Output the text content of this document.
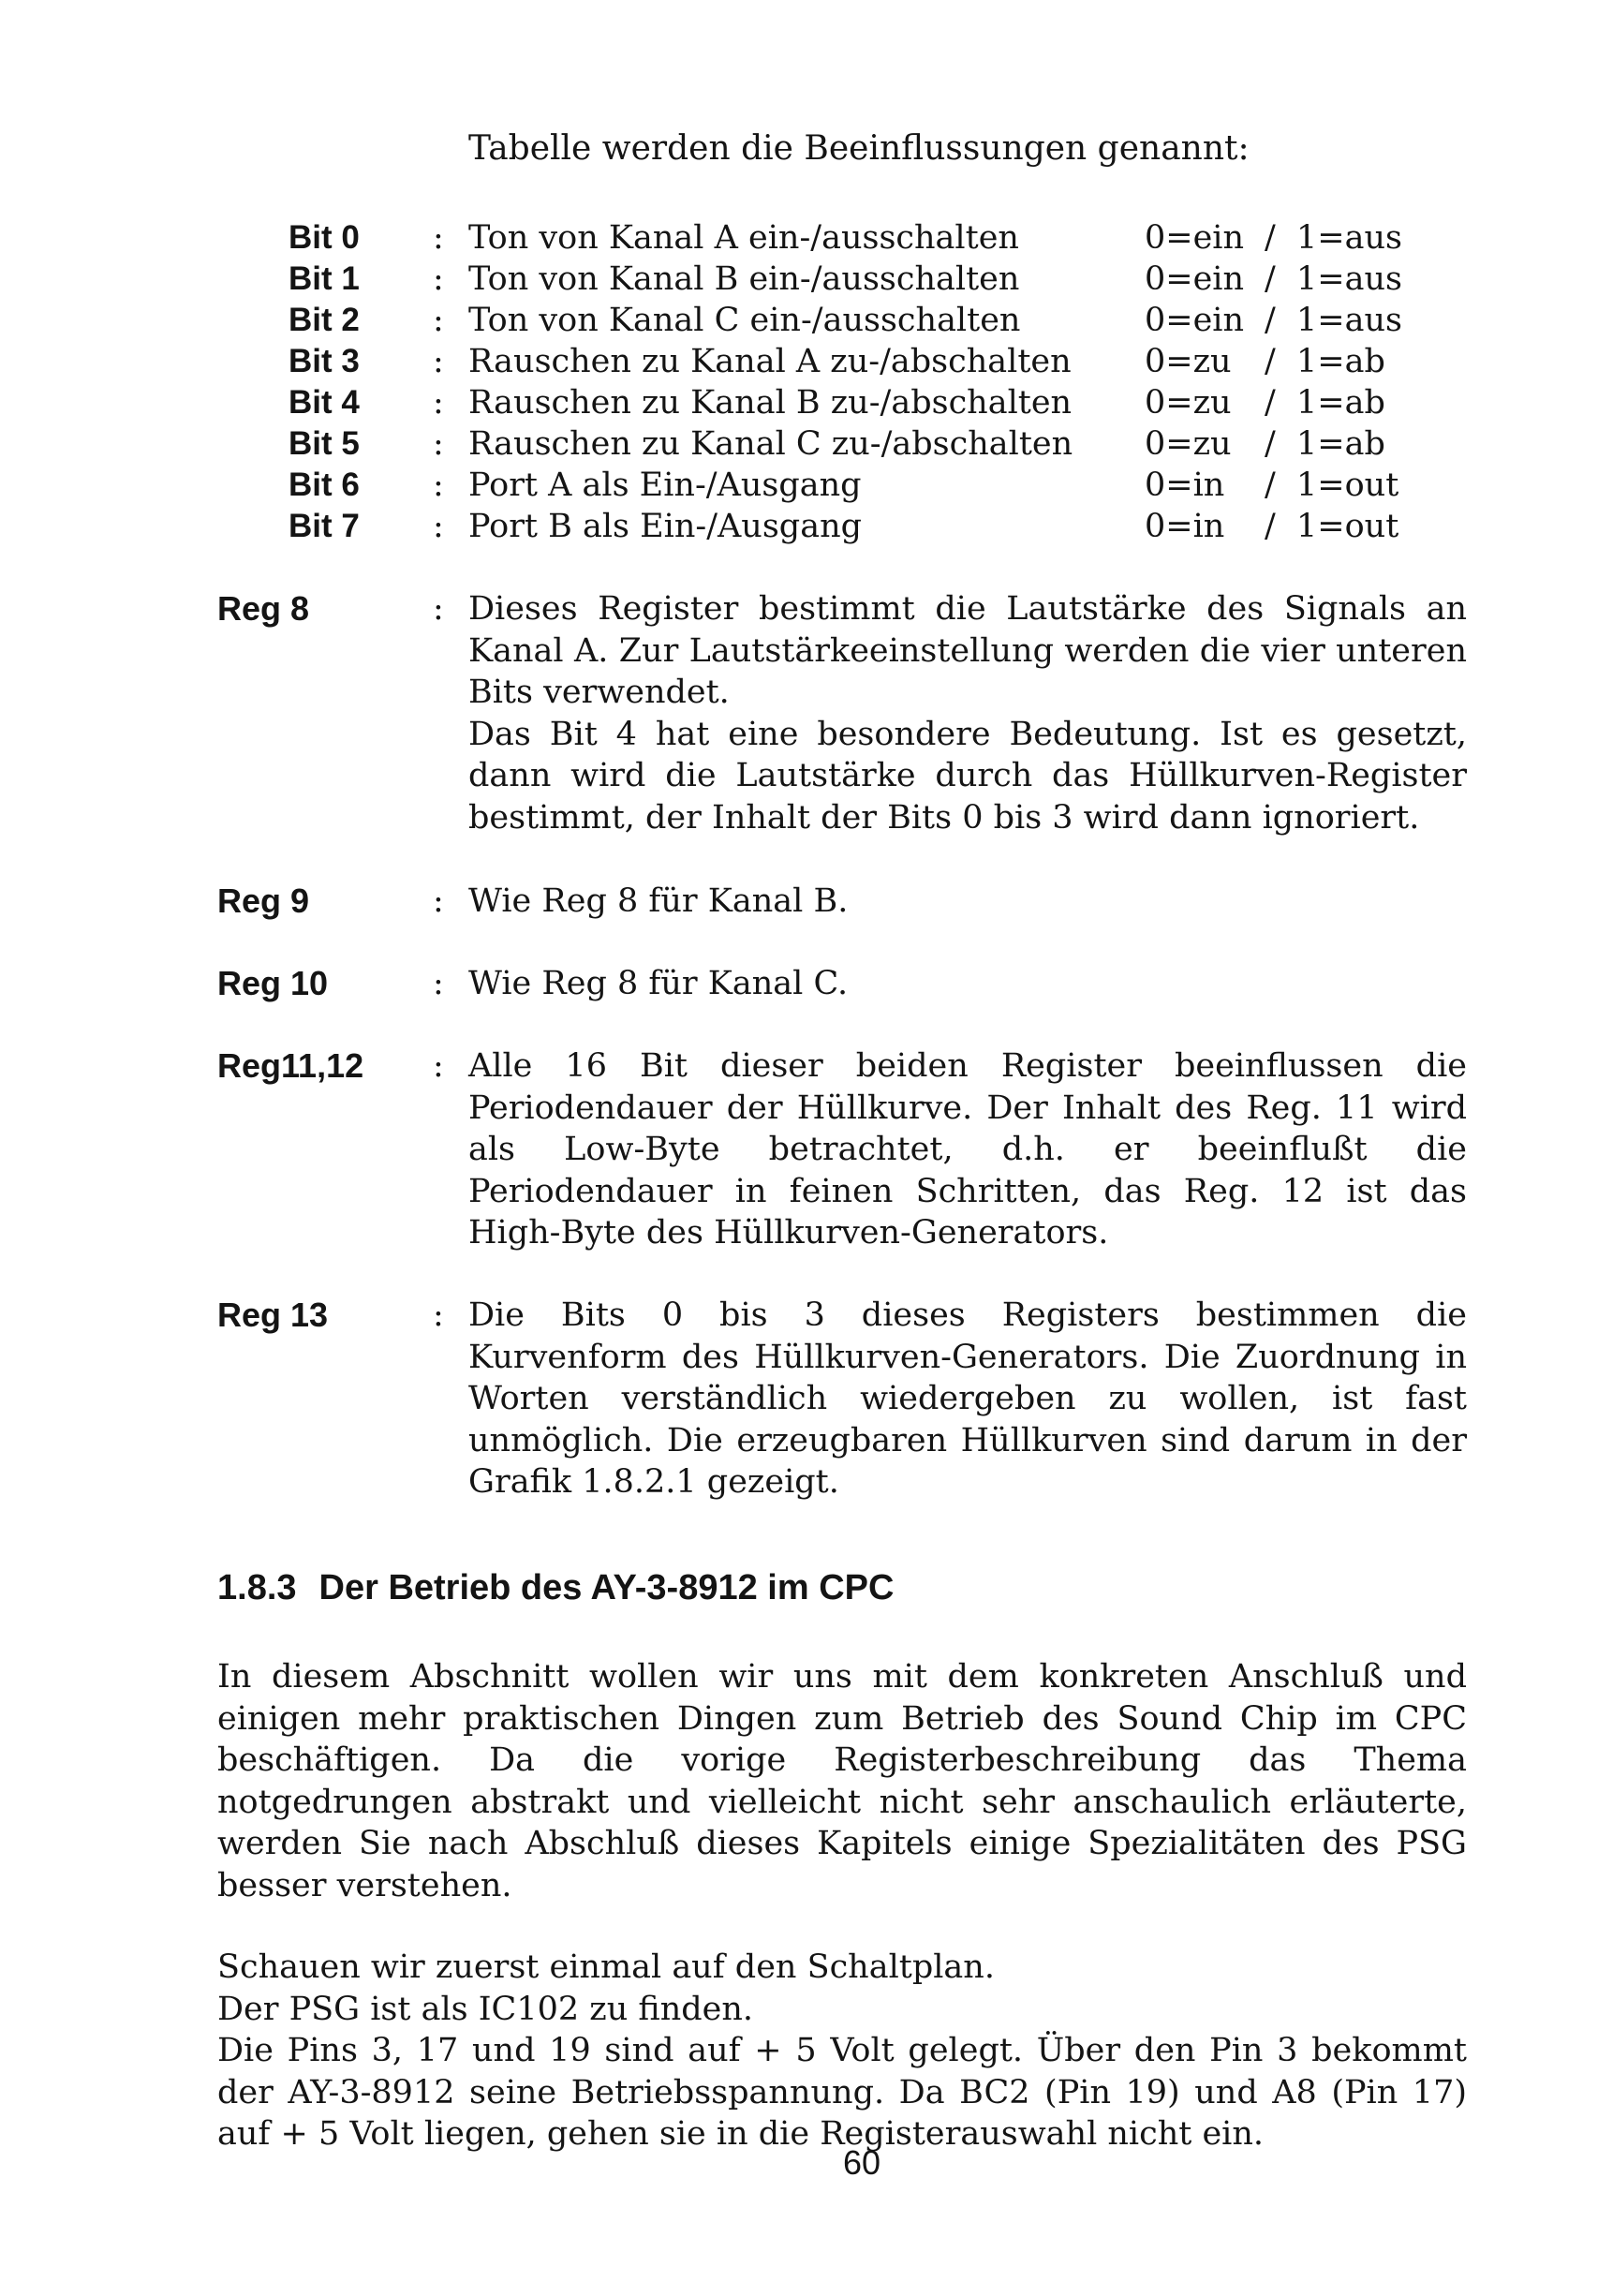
Tabelle werden die Beeinflussungen genannt:
Bit 0	: Ton von Kanal A ein-/ausschalten	0=ein / 1=aus
Bit 1	: Ton von Kanal B ein-/ausschalten	0=ein / 1=aus
Bit 2	: Ton von Kanal C ein-/ausschalten	0=ein / 1=aus
Bit 3	: Rauschen zu Kanal A zu-/abschalten 0=zu / 1=ab
Bit 4	: Rauschen zu Kanal B zu-/abschalten 0=zu / 1=ab
Bit 5	: Rauschen zu Kanal C zu-/abschalten 0=zu / 1=ab
Bit 6	: Port A als Ein-/Ausgang	0=in / 1=out
Bit 7	: Port B als Ein-/Ausgang	0=in / 1=out
Reg 8	: Dieses Register bestimmt die Lautstärke des Signals an Kanal A. Zur Lautstärkeeinstellung werden die vier unteren Bits verwendet.

Das Bit 4 hat eine besondere Bedeutung. Ist es gesetzt, dann wird die Lautstärke durch das Hüllkurven-Register bestimmt, der Inhalt der Bits 0 bis 3 wird dann ignoriert.

Reg 9	: Wie Reg 8 für Kanal B.

Reg 10	: Wie Reg 8 für Kanal C.

Reg11,12 : Alle 16 Bit dieser beiden Register beeinflussen die Periodendauer der Hüllkurve. Der Inhalt des Reg. 11 wird als Low-Byte betrachtet, d.h. er beeinflußt die Periodendauer in feinen Schritten, das Reg. 12 ist das High-Byte des Hüllkurven-Generators.

Reg 13	: Die Bits 0 bis 3 dieses Registers bestimmen die Kurvenform des Hüllkurven-Generators. Die Zuordnung in Worten verständlich wiedergeben zu wollen, ist fast unmöglich. Die erzeugbaren Hüllkurven sind darum in der Grafik 1.8.2.1 gezeigt.

1.8.3 Der Betrieb des AY-3-8912 im CPC

In diesem Abschnitt wollen wir uns mit dem konkreten Anschluß und einigen mehr praktischen Dingen zum Betrieb des Sound Chip im CPC beschäftigen. Da die vorige Registerbeschreibung das Thema notgedrungen abstrakt und vielleicht nicht sehr anschaulich erläuterte, werden Sie nach Abschluß dieses Kapitels einige Spezialitäten des PSG besser verstehen.

Schauen wir zuerst einmal auf den Schaltplan.

Der PSG ist als IC102 zu finden.

Die Pins 3, 17 und 19 sind auf + 5 Volt gelegt. Über den Pin 3 bekommt der AY-3-8912 seine Betriebsspannung. Da BC2 (Pin 19) und A8 (Pin 17) auf + 5 Volt liegen, gehen sie in die Registerauswahl nicht ein.

60
